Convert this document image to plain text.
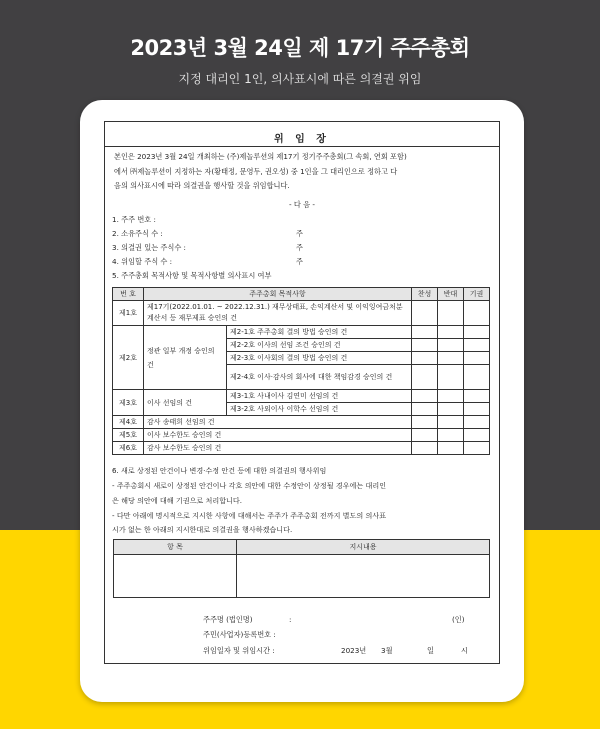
2023년 3월 24일 제 17기 주주총회
지정 대리인 1인, 의사표시에 따른 의결권 위임
위 임 장
본인은 2023년 3월 24일 개최하는 (주)제놀루션의 제17기 정기주주총회(그 속회, 연회 포함)
에서 ㈜제놀루션이 지정하는 자(황태정, 문영두, 권오성) 중 1인을 그 대리인으로 정하고 다
음의 의사표시에 따라 의결권을 행사할 것을 위임합니다.
- 다 음 -
1. 주주 번호 :
2. 소유주식 수 :	주
3. 의결권 있는 주식수 :	주
4. 위임할 주식 수 :	주
5. 주주총회 목적사항 및 목적사항별 의사표시 여부
번 호	주주총회 목적사항		찬성	반대	기권
제1호	제17기(2022.01.01. ~ 2022.12.31.) 재무상태표, 손익계산서 및 이익잉여금처분계산서 등 재무제표 승인의 건				
제2호	정관 일부 개정 승인의 건	제2-1호 주주총회 결의 방법 승인의 건			
		제2-2호 이사의 선임 조건 승인의 건			
		제2-3호 이사회의 결의 방법 승인의 건			
		제2-4호 이사·감사의 회사에 대한 책임감경 승인의 건			
제3호	이사 선임의 건	제3-1호 사내이사 김연미 선임의 건			
		제3-2호 사외이사 이학수 선임의 건			
제4호	감사 송태희 선임의 건				
제5호	이사 보수한도 승인의 건				
제6호	감사 보수한도 승인의 건				
6. 새로 상정된 안건이나 변경·수정 안건 등에 대한 의결권의 행사위임
- 주주총회시 새로이 상정된 안건이나 각호 의안에 대한 수정안이 상정될 경우에는 대리인
은 해당 의안에 대해 기권으로 처리합니다.
- 다만 아래에 명시적으로 지시한 사항에 대해서는 주주가 주주총회 전까지 별도의 의사표
시가 없는 한 아래의 지시한대로 의결권을 행사하겠습니다.
항 목	지시내용

주주명 (법인명)	:	(인)
주민(사업자)등록번호 :
위임일자 및 위임시간 :	2023년 3월	일	시
